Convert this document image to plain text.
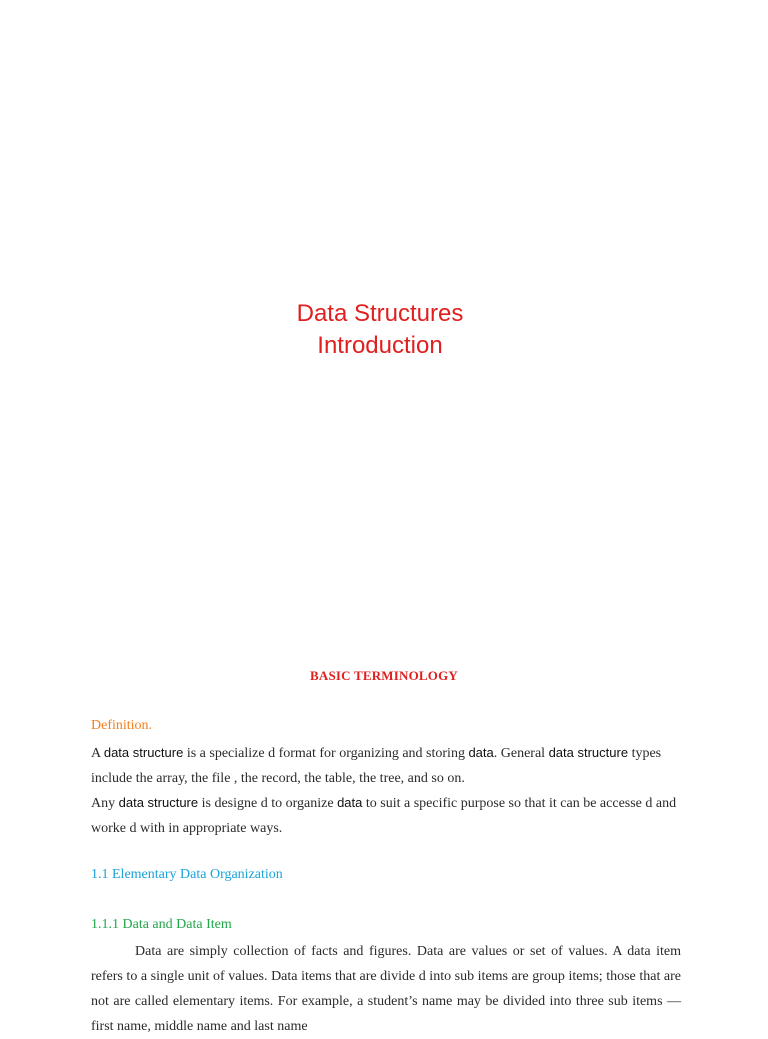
Data Structures
Introduction
BASIC TERMINOLOGY
Definition.
A data structure is a specialize d format for organizing and storing data. General data structure types include the array, the file , the record, the table, the tree, and so on.
Any data structure is designe d to organize data to suit a specific purpose so that it can be accesse d and worke d with in appropriate ways.
1.1 Elementary Data Organization
1.1.1 Data and Data Item
Data are simply collection of facts and figures. Data are values or set of values. A data item refers to a single unit of values. Data items that are divide d into sub items are group items; those that are not are called elementary items. For example, a student’s name may be divided into three sub items — first name, middle name and last name
